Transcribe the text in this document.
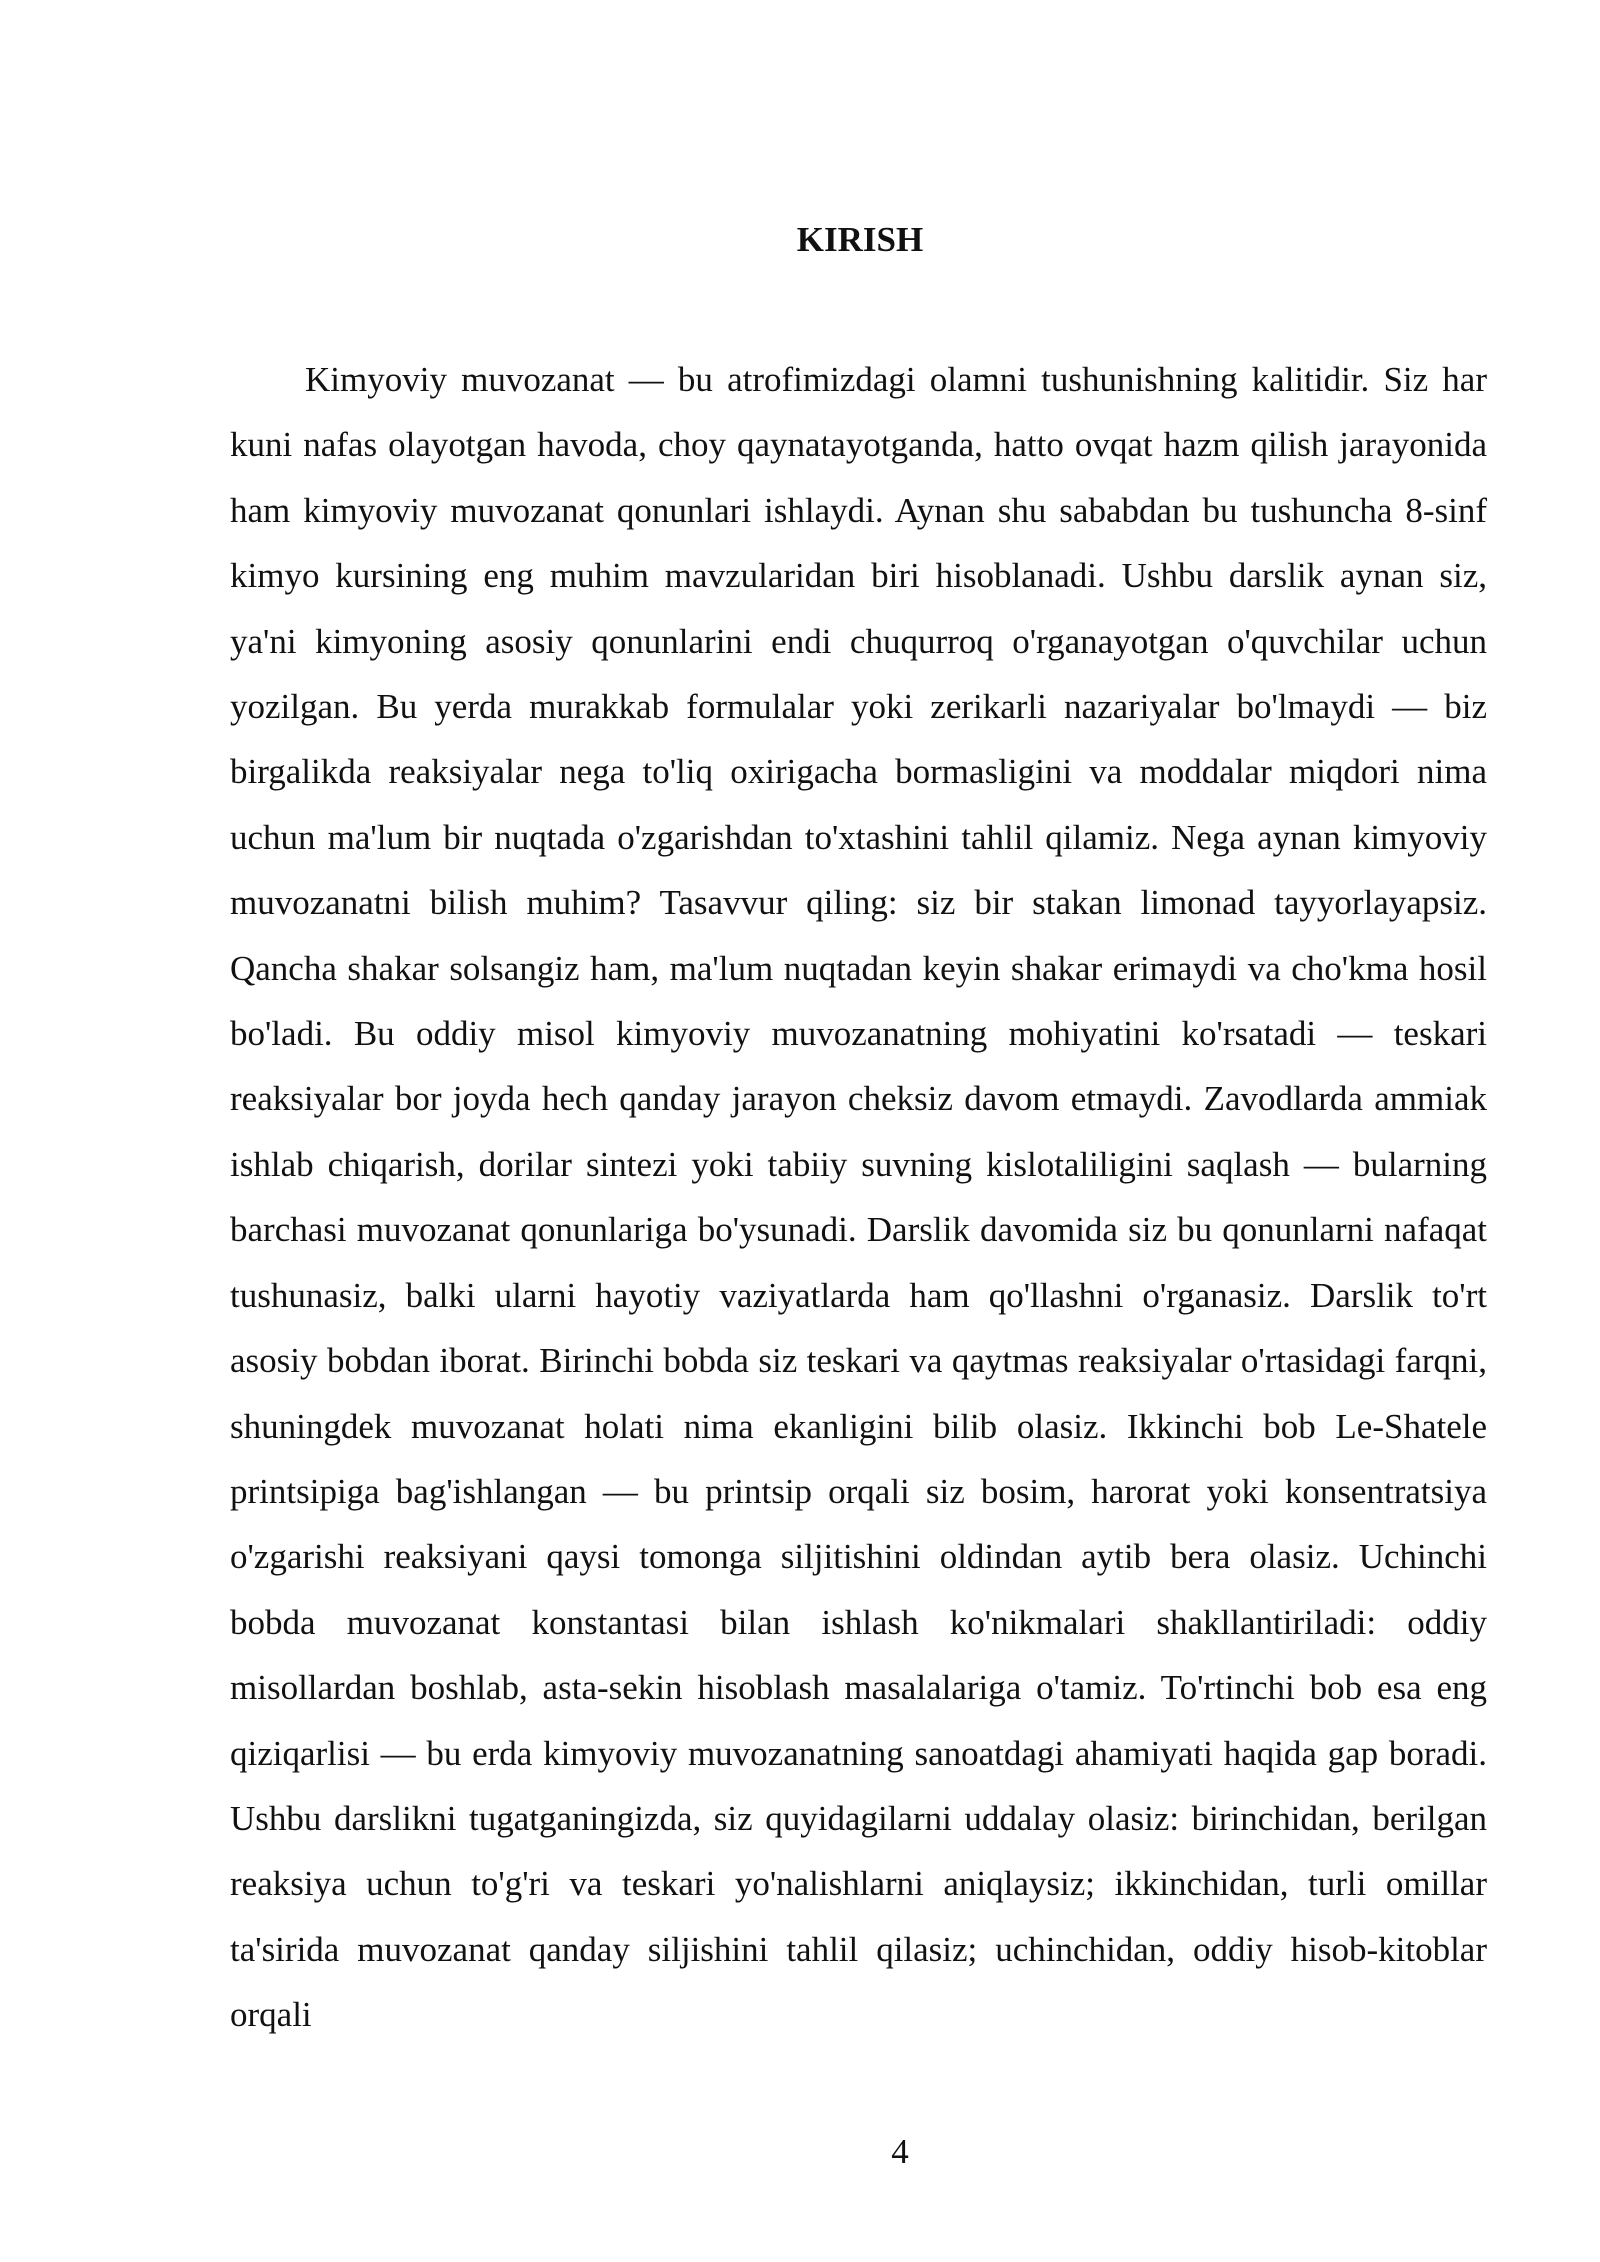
KIRISH

Kimyoviy muvozanat — bu atrofimizdagi olamni tushunishning kalitidir. Siz har kuni nafas olayotgan havoda, choy qaynatayotganda, hatto ovqat hazm qilish jarayonida ham kimyoviy muvozanat qonunlari ishlaydi. Aynan shu sababdan bu tushuncha 8-sinf kimyo kursining eng muhim mavzularidan biri hisoblanadi. Ushbu darslik aynan siz, ya'ni kimyoning asosiy qonunlarini endi chuqurroq o'rganayotgan o'quvchilar uchun yozilgan. Bu yerda murakkab formulalar yoki zerikarli nazariyalar bo'lmaydi — biz birgalikda reaksiyalar nega to'liq oxirigacha bormasligini va moddalar miqdori nima uchun ma'lum bir nuqtada o'zgarishdan to'xtashini tahlil qilamiz. Nega aynan kimyoviy muvozanatni bilish muhim? Tasavvur qiling: siz bir stakan limonad tayyorlayapsiz. Qancha shakar solsangiz ham, ma'lum nuqtadan keyin shakar erimaydi va cho'kma hosil bo'ladi. Bu oddiy misol kimyoviy muvozanatning mohiyatini ko'rsatadi — teskari reaksiyalar bor joyda hech qanday jarayon cheksiz davom etmaydi. Zavodlarda ammiak ishlab chiqarish, dorilar sintezi yoki tabiiy suvning kislotaliligini saqlash — bularning barchasi muvozanat qonunlariga bo'ysunadi. Darslik davomida siz bu qonunlarni nafaqat tushunasiz, balki ularni hayotiy vaziyatlarda ham qo'llashni o'rganasiz. Darslik to'rt asosiy bobdan iborat. Birinchi bobda siz teskari va qaytmas reaksiyalar o'rtasidagi farqni, shuningdek muvozanat holati nima ekanligini bilib olasiz. Ikkinchi bob Le-Shatele printsipiga bag'ishlangan — bu printsip orqali siz bosim, harorat yoki konsentratsiya o'zgarishi reaksiyani qaysi tomonga siljitishini oldindan aytib bera olasiz. Uchinchi bobda muvozanat konstantasi bilan ishlash ko'nikmalari shakllantiriladi: oddiy misollardan boshlab, asta-sekin hisoblash masalalariga o'tamiz. To'rtinchi bob esa eng qiziqarlisi — bu erda kimyoviy muvozanatning sanoatdagi ahamiyati haqida gap boradi. Ushbu darslikni tugatganingizda, siz quyidagilarni uddalay olasiz: birinchidan, berilgan reaksiya uchun to'g'ri va teskari yo'nalishlarni aniqlaysiz; ikkinchidan, turli omillar ta'sirida muvozanat qanday siljishini tahlil qilasiz; uchinchidan, oddiy hisob-kitoblar orqali

4
